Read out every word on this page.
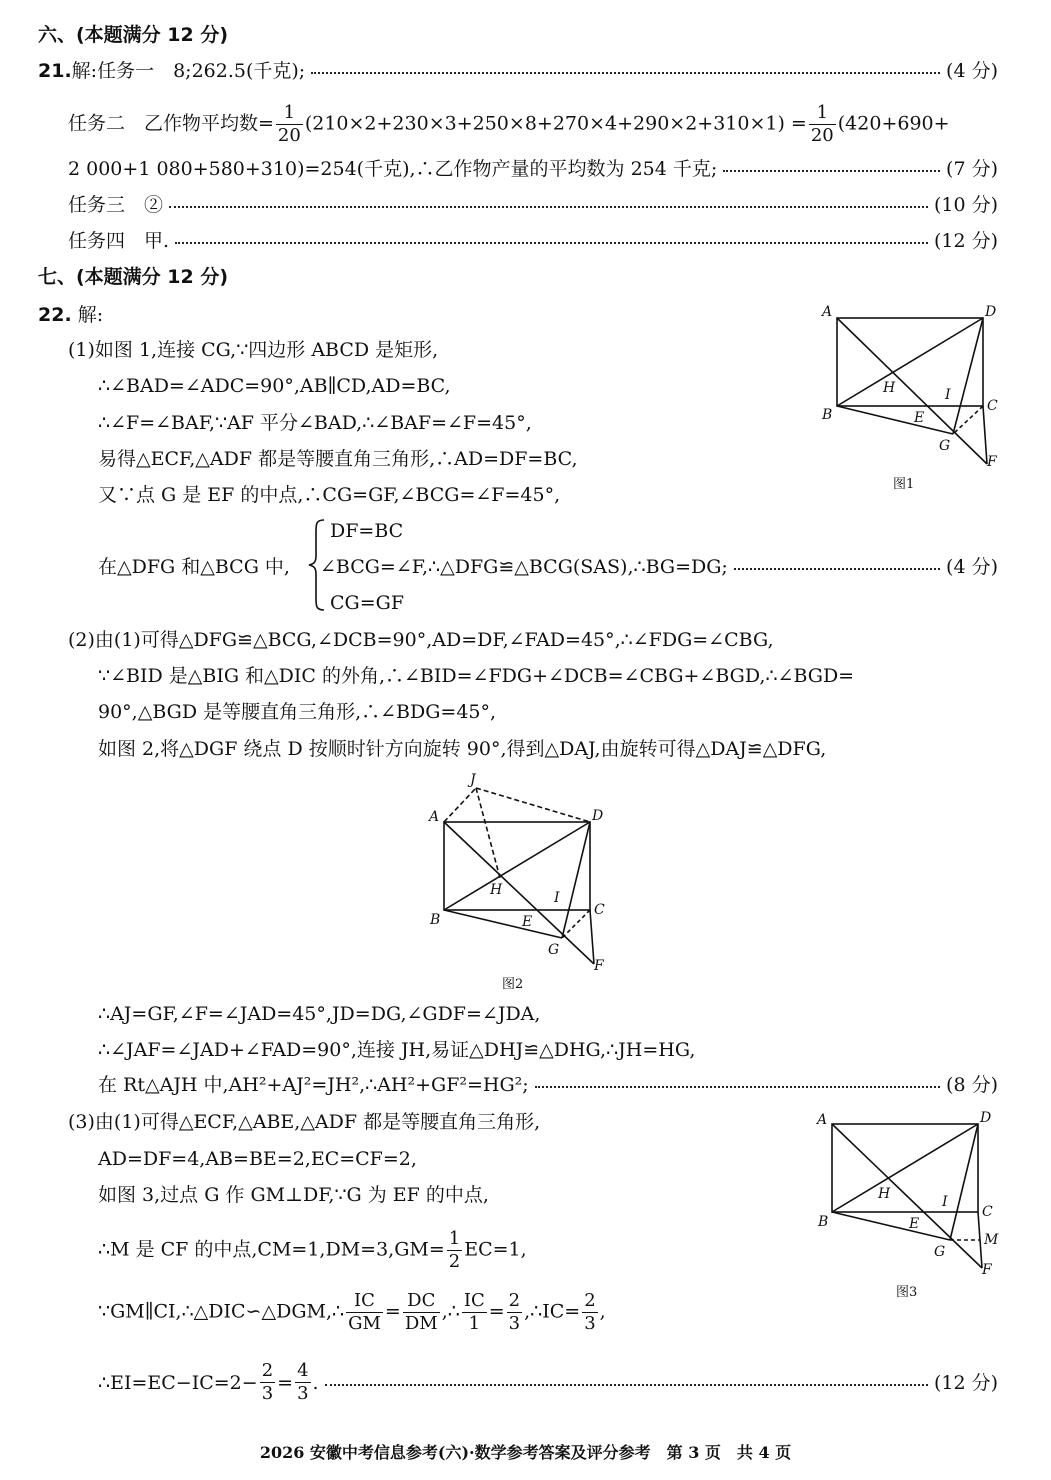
六、(本题满分 12 分)
21. 解:任务一　8;262.5(千克);	(4 分)
任务二　乙作物平均数= $\frac{1}{20} (210\times 2+230\times 3+250\times 8+270\times 4+290\times 2+310\times 1) = \frac{1}{20} (420+690+$
2 000+1 080+580+310)=254(千克),∴乙作物产量的平均数为 254 千克;	(7 分)
任务三　②	(10 分)
任务四　甲.	(12 分)
七、(本题满分 12 分)
22. 解:
(1)如图 1,连接 CG,∵四边形 ABCD 是矩形,
∴∠BAD=∠ADC=90°,AB∥CD,AD=BC,
∴∠F=∠BAF,∵AF 平分∠BAD,∴∠BAF=∠F=45°,
易得△ECF,△ADF 都是等腰直角三角形,∴AD=DF=BC,
又∵点 G 是 EF 的中点,∴CG=GF,∠BCG=∠F=45°,
DF=BC
在△DFG 和△BCG 中, ∠BCG=∠F,∴△DFG≌△BCG(SAS),∴BG=DG;	(4 分)
CG=GF
(2)由(1)可得△DFG≌△BCG,∠DCB=90°,AD=DF,∠FAD=45°,∴∠FDG=∠CBG,
∵∠BID 是△BIG 和△DIC 的外角,∴∠BID=∠FDG+∠DCB=∠CBG+∠BGD,∴∠BGD=
90°,△BGD 是等腰直角三角形,∴∠BDG=45°,
如图 2,将△DGF 绕点 D 按顺时针方向旋转 90°,得到△DAJ,由旋转可得△DAJ≌△DFG,
∴AJ=GF,∠F=∠JAD=45°,JD=DG,∠GDF=∠JDA,
∴∠JAF=∠JAD+∠FAD=90°,连接 JH,易证△DHJ≌△DHG,∴JH=HG,
在 Rt△AJH 中,AH²+AJ²=JH²,∴AH²+GF²=HG²;	(8 分)
(3)由(1)可得△ECF,△ABE,△ADF 都是等腰直角三角形,
AD=DF=4,AB=BE=2,EC=CF=2,
如图 3,过点 G 作 GM⊥DF,∵G 为 EF 的中点,
∴M 是 CF 的中点$,CM=1,DM=3,GM= \frac{1}{2} EC=1$,
∵GM∥CI,∴△DIC∽△DGM,∴ $\frac{IC}{GM} = \frac{DC}{DM}$ ,∴ $\frac{IC}{1} = \frac{2}{3}$ ,∴IC= $\frac{2}{3}$ ,
∴EI=EC−IC=2− $\frac{2}{3} = \frac{4}{3}$ .	(12 分)
A	D
H	I
C
B	E
G
F
图1
J
A	D
H	I
C
B	E
G
F
图2
A	D
H	I
C
M
B	E
G
F
图3
2026 安徽中考信息参考(六)·数学参考答案及评分参考　第 3 页　共 4 页
